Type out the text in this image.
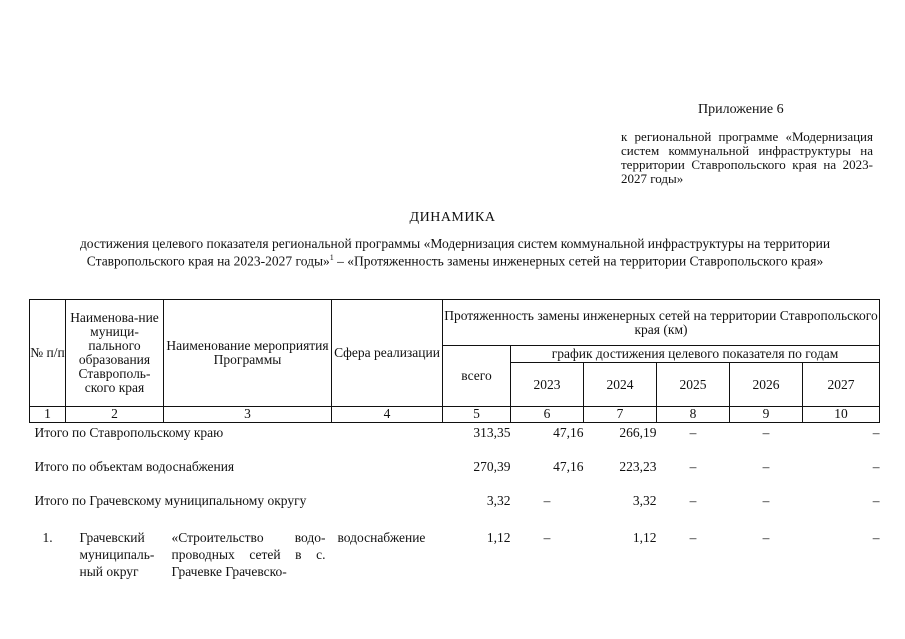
Приложение 6
к региональной программе «Модернизация систем коммунальной инфраструктуры на территории Ставропольского края на 2023-2027 годы»
ДИНАМИКА
достижения целевого показателя региональной программы «Модернизация систем коммунальной инфраструктуры на территории Ставропольского края на 2023-2027 годы»$^1$ – «Протяженность замены инженерных сетей на территории Ставропольского края»
№ п/п	Наименова-ние муници-пального образования Ставрополь-ского края	Наименование мероприятия Программы	Сфера реализации	Протяженность замены инженерных сетей на территории Ставропольского края (км)					
				всего	график достижения целевого показателя по годам				
					2023	2024	2025	2026	2027
1	2	3	4	5	6	7	8	9	10
Итого по Ставропольскому краю				313,35	47,16	266,19	–	–	–
Итого по объектам водоснабжения				270,39	47,16	223,23	–	–	–
Итого по Грачевскому муниципальному округу				3,32	–	3,32	–	–	–
1.	Грачевский муниципаль-ный округ	«Строительство водо-проводных сетей в с. Грачевке Грачевско-	водоснабжение	1,12	–	1,12	–	–	–
